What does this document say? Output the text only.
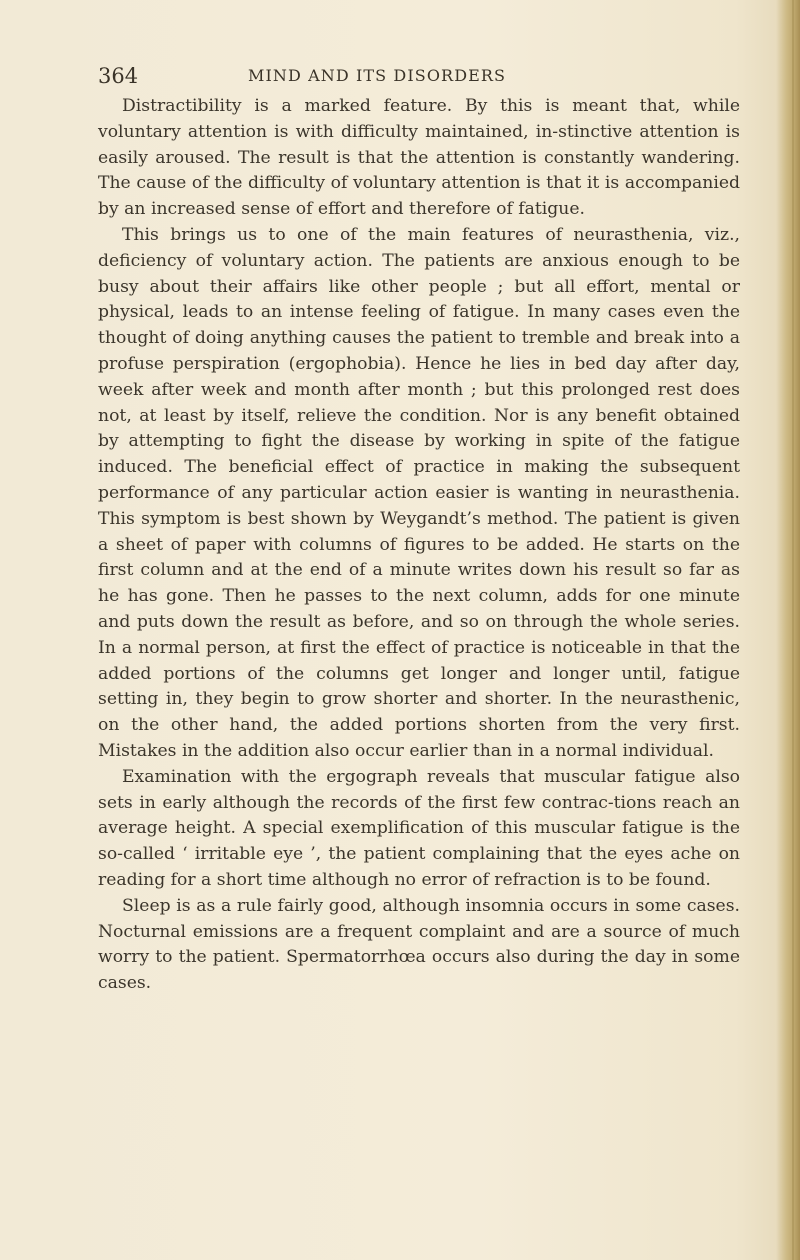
364	MIND AND ITS DISORDERS

Distractibility is a marked feature. By this is meant that, while voluntary attention is with difficulty maintained, in-stinctive attention is easily aroused. The result is that the attention is constantly wandering. The cause of the difficulty of voluntary attention is that it is accompanied by an increased sense of effort and therefore of fatigue.

This brings us to one of the main features of neurasthenia, viz., deficiency of voluntary action. The patients are anxious enough to be busy about their affairs like other people ; but all effort, mental or physical, leads to an intense feeling of fatigue. In many cases even the thought of doing anything causes the patient to tremble and break into a profuse perspiration (ergophobia). Hence he lies in bed day after day, week after week and month after month ; but this prolonged rest does not, at least by itself, relieve the condition. Nor is any benefit obtained by attempting to fight the disease by working in spite of the fatigue induced. The beneficial effect of practice in making the subsequent performance of any particular action easier is wanting in neurasthenia. This symptom is best shown by Weygandt’s method. The patient is given a sheet of paper with columns of figures to be added. He starts on the first column and at the end of a minute writes down his result so far as he has gone. Then he passes to the next column, adds for one minute and puts down the result as before, and so on through the whole series. In a normal person, at first the effect of practice is noticeable in that the added portions of the columns get longer and longer until, fatigue setting in, they begin to grow shorter and shorter. In the neurasthenic, on the other hand, the added portions shorten from the very first. Mistakes in the addition also occur earlier than in a normal individual.

Examination with the ergograph reveals that muscular fatigue also sets in early although the records of the first few contrac-tions reach an average height. A special exemplification of this muscular fatigue is the so-called ‘ irritable eye ’, the patient complaining that the eyes ache on reading for a short time although no error of refraction is to be found.

Sleep is as a rule fairly good, although insomnia occurs in some cases. Nocturnal emissions are a frequent complaint and are a source of much worry to the patient. Spermatorrhœa occurs also during the day in some cases.
